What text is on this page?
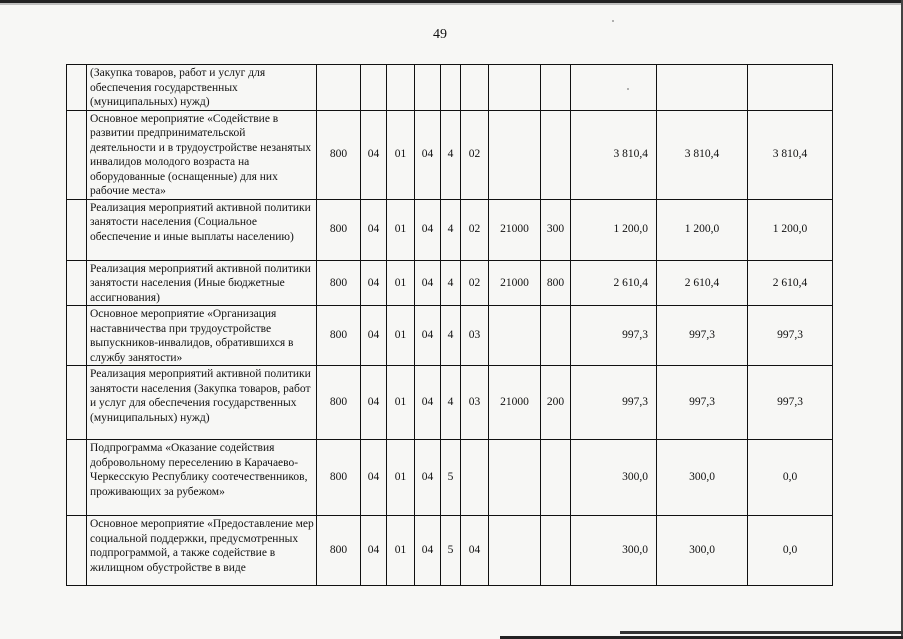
49
	(Закупка товаров, работ и услуг для обеспечения государственных (муниципальных) нужд)											
	Основное мероприятие «Содействие в развитии предпринимательской деятельности и в трудоустройстве незанятых инвалидов молодого возраста на оборудованные (оснащенные) для них рабочие места»	800	04	01	04	4	02			3 810,4	3 810,4	3 810,4
	Реализация мероприятий активной политики занятости населения (Социальное обеспечение и иные выплаты населению)	800	04	01	04	4	02	21000	300	1 200,0	1 200,0	1 200,0
	Реализация мероприятий активной политики занятости населения (Иные бюджетные ассигнования)	800	04	01	04	4	02	21000	800	2 610,4	2 610,4	2 610,4
	Основное мероприятие «Организация наставничества при трудоустройстве выпускников-инвалидов, обратившихся в службу занятости»	800	04	01	04	4	03			997,3	997,3	997,3
	Реализация мероприятий активной политики занятости населения (Закупка товаров, работ и услуг для обеспечения государственных (муниципальных) нужд)	800	04	01	04	4	03	21000	200	997,3	997,3	997,3
	Подпрограмма «Оказание содействия добровольному переселению в Карачаево-Черкесскую Республику соотечественников, проживающих за рубежом»	800	04	01	04	5				300,0	300,0	0,0
	Основное мероприятие «Предоставление мер социальной поддержки, предусмотренных подпрограммой, а также содействие в жилищном обустройстве в виде	800	04	01	04	5	04			300,0	300,0	0,0
